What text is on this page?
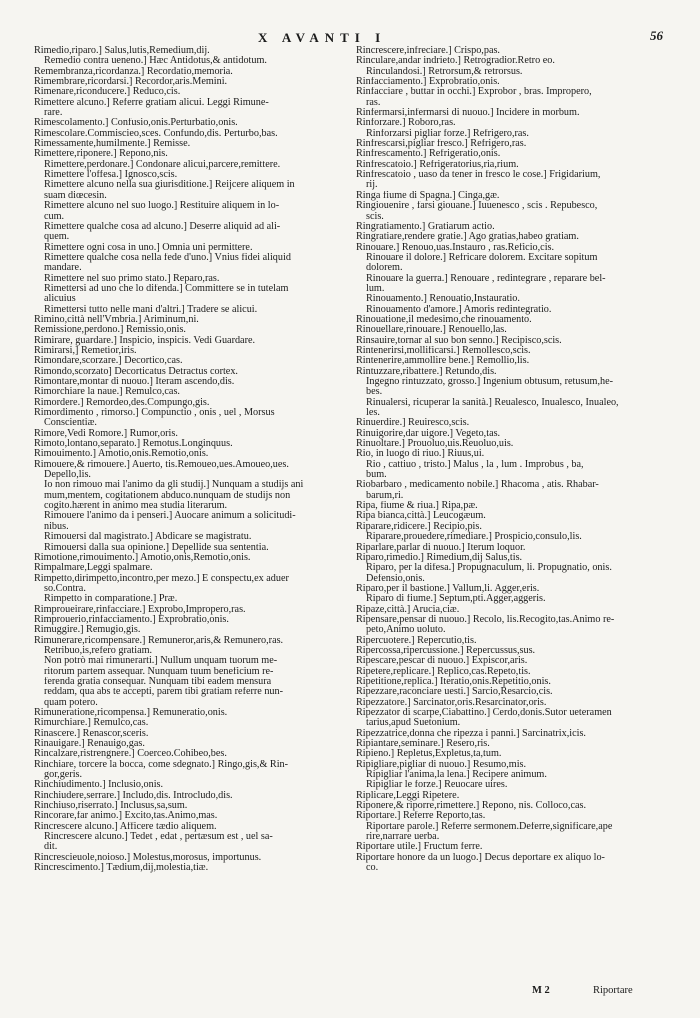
X AVANTI I	56
Rimedio,riparo.] Salus,lutis,Remedium,dij.
Remedio contra ueneno.] Hæc Antidotus,& antidotum.
Remembranza,ricordanza.] Recordatio,memoria.
Rimembrare,ricordarsi.] Recordor,aris.Memini.
Rimenare,riconducere.] Reduco,cis.
Rimettere alcuno.] Referre gratiam alicui. Leggi Rimune-
rare.
Rimescolamento.] Confusio,onis.Perturbatio,onis.
Rimescolare.Commiscieo,sces. Confundo,dis. Perturbo,bas.
Rimessamente,humilmente.] Remisse.
Rimettere,riponere.] Repono,nis.
Rimettere,perdonare.] Condonare alicui,parcere,remittere.
Rimettere l'offesa.] Ignosco,scis.
Rimettere alcuno nella sua giurisditione.] Reijcere aliquem in
suam diœcesin.
Rimettere alcuno nel suo luogo.] Restituire aliquem in lo-
cum.
Rimettere qualche cosa ad alcuno.] Deserre aliquid ad ali-
quem.
Rimettere ogni cosa in uno.] Omnia uni permittere.
Rimettere qualche cosa nella fede d'uno.] Vnius fidei aliquid
mandare.
Rimettere nel suo primo stato.] Reparo,ras.
Rimettersi ad uno che lo difenda.] Committere se in tutelam
alicuius
Rimettersi tutto nelle mani d'altri.] Tradere se alicui.
Rimino,città nell'Vmbria.] Ariminum,ni.
Remissione,perdono.] Remissio,onis.
Rimirare, guardare.] Inspicio, inspicis. Vedi Guardare.
Rimirarsi,] Remetior,iris.
Rimondare,scorzare.] Decortico,cas.
Rimondo,scorzato] Decorticatus Detractus cortex.
Rimontare,montar di nuouo.] Iteram ascendo,dis.
Rimorchiare la naue.] Remulco,cas.
Rimordere.] Remordeo,des.Compungo,gis.
Rimordimento , rimorso.] Compunctio , onis , uel , Morsus
Conscientiæ.
Rimore,Vedi Romore.] Rumor,oris.
Rimoto,lontano,separato.] Remotus.Longinquus.
Rimouimento.] Amotio,onis.Remotio,onis.
Rimouere,& rimouere.] Auerto, tis.Remoueo,ues.Amoueo,ues.
Depello,lis.
Io non rimouo mai l'animo da gli studij.] Nunquam a studijs ani
mum,mentem, cogitationem abduco.nunquam de studijs non
cogito.hærent in animo mea studia literarum.
Rimouere l'animo da i penseri.] Auocare animum a solicitudi-
nibus.
Rimouersi dal magistrato.] Abdicare se magistratu.
Rimouersi dalla sua opinione.] Depellide sua sententia.
Rimotione,rimouimento.] Amotio,onis,Remotio,onis.
Rimpalmare,Leggi spalmare.
Rimpetto,dirimpetto,incontro,per mezo.] E conspectu,ex aduer
so.Contra.
Rimpetto in comparatione.] Præ.
Rimproueirare,rinfacciare.] Exprobo,Impropero,ras.
Rimprouerio,rinfacciamento.] Exprobratio,onis.
Rimuggire.] Remugio,gis.
Rimunerare,ricompensare.] Remuneror,aris,& Remunero,ras.
Retribuo,is,refero gratiam.
Non potrò mai rimunerarti.] Nullum unquam tuorum me-
ritorum partem assequar. Nunquam tuum beneficium re-
ferenda gratia consequar. Nunquam tibi eadem mensura
reddam, qua abs te accepti, parem tibi gratiam referre nun-
quam potero.
Rimuneratione,ricompensa.] Remuneratio,onis.
Rimurchiare.] Remulco,cas.
Rinascere.] Renascor,sceris.
Rinauigare.] Renauigo,gas.
Rincalzare,ristrengnere.] Coerceo.Cohibeo,bes.
Rinchiare, torcere la bocca, come sdegnato.] Ringo,gis,& Rin-
gor,geris.
Rinchiudimento.] Inclusio,onis.
Rinchiudere,serrare.] Includo,dis. Introcludo,dis.
Rinchiuso,riserrato.] Inclusus,sa,sum.
Rincorare,far animo.] Excito,tas.Animo,mas.
Rincrescere alcuno.] Afficere tædio aliquem.
Rincrescere alcuno.] Tedet , edat , pertæsum est , uel sa-
dit.
Rincrescieuole,noioso.] Molestus,morosus, importunus.
Rincrescimento.] Tædium,dij,molestia,tiæ.
Rincrescere,infreciare.] Crispo,pas.
Rinculare,andar indrieto.] Retrogradior.Retro eo.
Rinculandosi.] Retrorsum,& retrorsus.
Rinfacciamento.] Exprobratio,onis.
Rinfacciare , buttar in occhi.] Exprobor , bras. Impropero,
ras.
Rinfermarsi,infermarsi di nuouo.] Incidere in morbum.
Rinforzare.] Roboro,ras.
Rinforzarsi pigliar forze.] Refrigero,ras.
Rinfrescarsi,pigliar fresco.] Refrigero,ras.
Rinfrescamento.] Refrigeratio,onis.
Rinfrescatoio.] Refrigeratorius,ria,rium.
Rinfrescatoio , uaso da tener in fresco le cose.] Frigidarium,
rij.
Ringa fiume di Spagna.] Cinga,gæ.
Ringiouenire , farsi giouane.] Iuuenesco , scis . Repubesco,
scis.
Ringratiamento.] Gratiarum actio.
Ringratiare,rendere gratie.] Ago gratias,habeo gratiam.
Rinouare.] Renouo,uas.Instauro , ras.Reficio,cis.
Rinouare il dolore.] Refricare dolorem. Excitare sopitum
dolorem.
Rinouare la guerra.] Renouare , redintegrare , reparare bel-
lum.
Rinouamento.] Renouatio,Instauratio.
Rinouamento d'amore.] Amoris redintegratio.
Rinouatione,il medesimo,che rinouamento.
Rinouellare,rinouare.] Renouello,las.
Rinsauire,tornar al suo bon senno.] Recipisco,scis.
Rintenerirsi,mollificarsi.] Remollesco,scis.
Rintenerire,ammollire bene.] Remollio,lis.
Rintuzzare,ribattere.] Retundo,dis.
Ingegno rintuzzato, grosso.] Ingenium obtusum, retusum,he-
bes.
Rinualersi, ricuperar la sanità.] Reualesco, Inualesco, Inualeo,
les.
Rinuerdire.] Reuiresco,scis.
Rinuigorire,dar uigore.] Vegeto,tas.
Rinuoltare.] Prouoluo,uis.Reuoluo,uis.
Rio, in luogo di riuo.] Riuus,ui.
Rio , cattiuo , tristo.] Malus , la , lum . Improbus , ba,
bum.
Riobarbaro , medicamento nobile.] Rhacoma , atis. Rhabar-
barum,ri.
Ripa, fiume & riua.] Ripa,pæ.
Ripa bianca,città.] Leucogæum.
Riparare,ridicere.] Recipio,pis.
Riparare,prouedere,rimediare.] Prospicio,consulo,lis.
Riparlare,parlar di nuouo.] Iterum loquor.
Riparo,rimedio.] Rimedium,dij Salus,tis.
Riparo, per la difesa.] Propugnaculum, li. Propugnatio, onis.
Defensio,onis.
Riparo,per il bastione.] Vallum,li. Agger,eris.
Riparo di fiume.] Septum,pti.Agger,aggeris.
Ripaze,città.] Arucia,ciæ.
Ripensare,pensar di nuouo.] Recolo, lis.Recogito,tas.Animo re-
peto,Animo uoluto.
Ripercuotere.] Repercutio,tis.
Ripercossa,ripercussione.] Repercussus,sus.
Ripescare,pescar di nuouo.] Expiscor,aris.
Ripetere,replicare.] Replico,cas.Repeto,tis.
Ripetitione,replica.] Iteratio,onis.Repetitio,onis.
Ripezzare,raconciare uesti.] Sarcio,Resarcio,cis.
Ripezzatore.] Sarcinator,oris.Resarcinator,oris.
Ripezzator di scarpe,Ciabattino.] Cerdo,donis.Sutor ueteramen
tarius,apud Suetonium.
Ripezzatrice,donna che ripezza i panni.] Sarcinatrix,icis.
Ripiantare,seminare.] Resero,ris.
Ripieno.] Repletus,Expletus,ta,tum.
Ripigliare,pigliar di nuouo.] Resumo,mis.
Ripigliar l'anima,la lena.] Recipere animum.
Ripigliar le forze.] Reuocare uires.
Riplicare,Leggi Ripetere.
Riponere,& riporre,rimettere.] Repono, nis. Colloco,cas.
Riportare.] Referre Reporto,tas.
Riportare parole.] Referre sermonem.Deferre,significare,ape
rire,narrare uerba.
Riportare utile.] Fructum ferre.
Riportare honore da un luogo.] Decus deportare ex aliquo lo-
co.
M 2	Riportare
